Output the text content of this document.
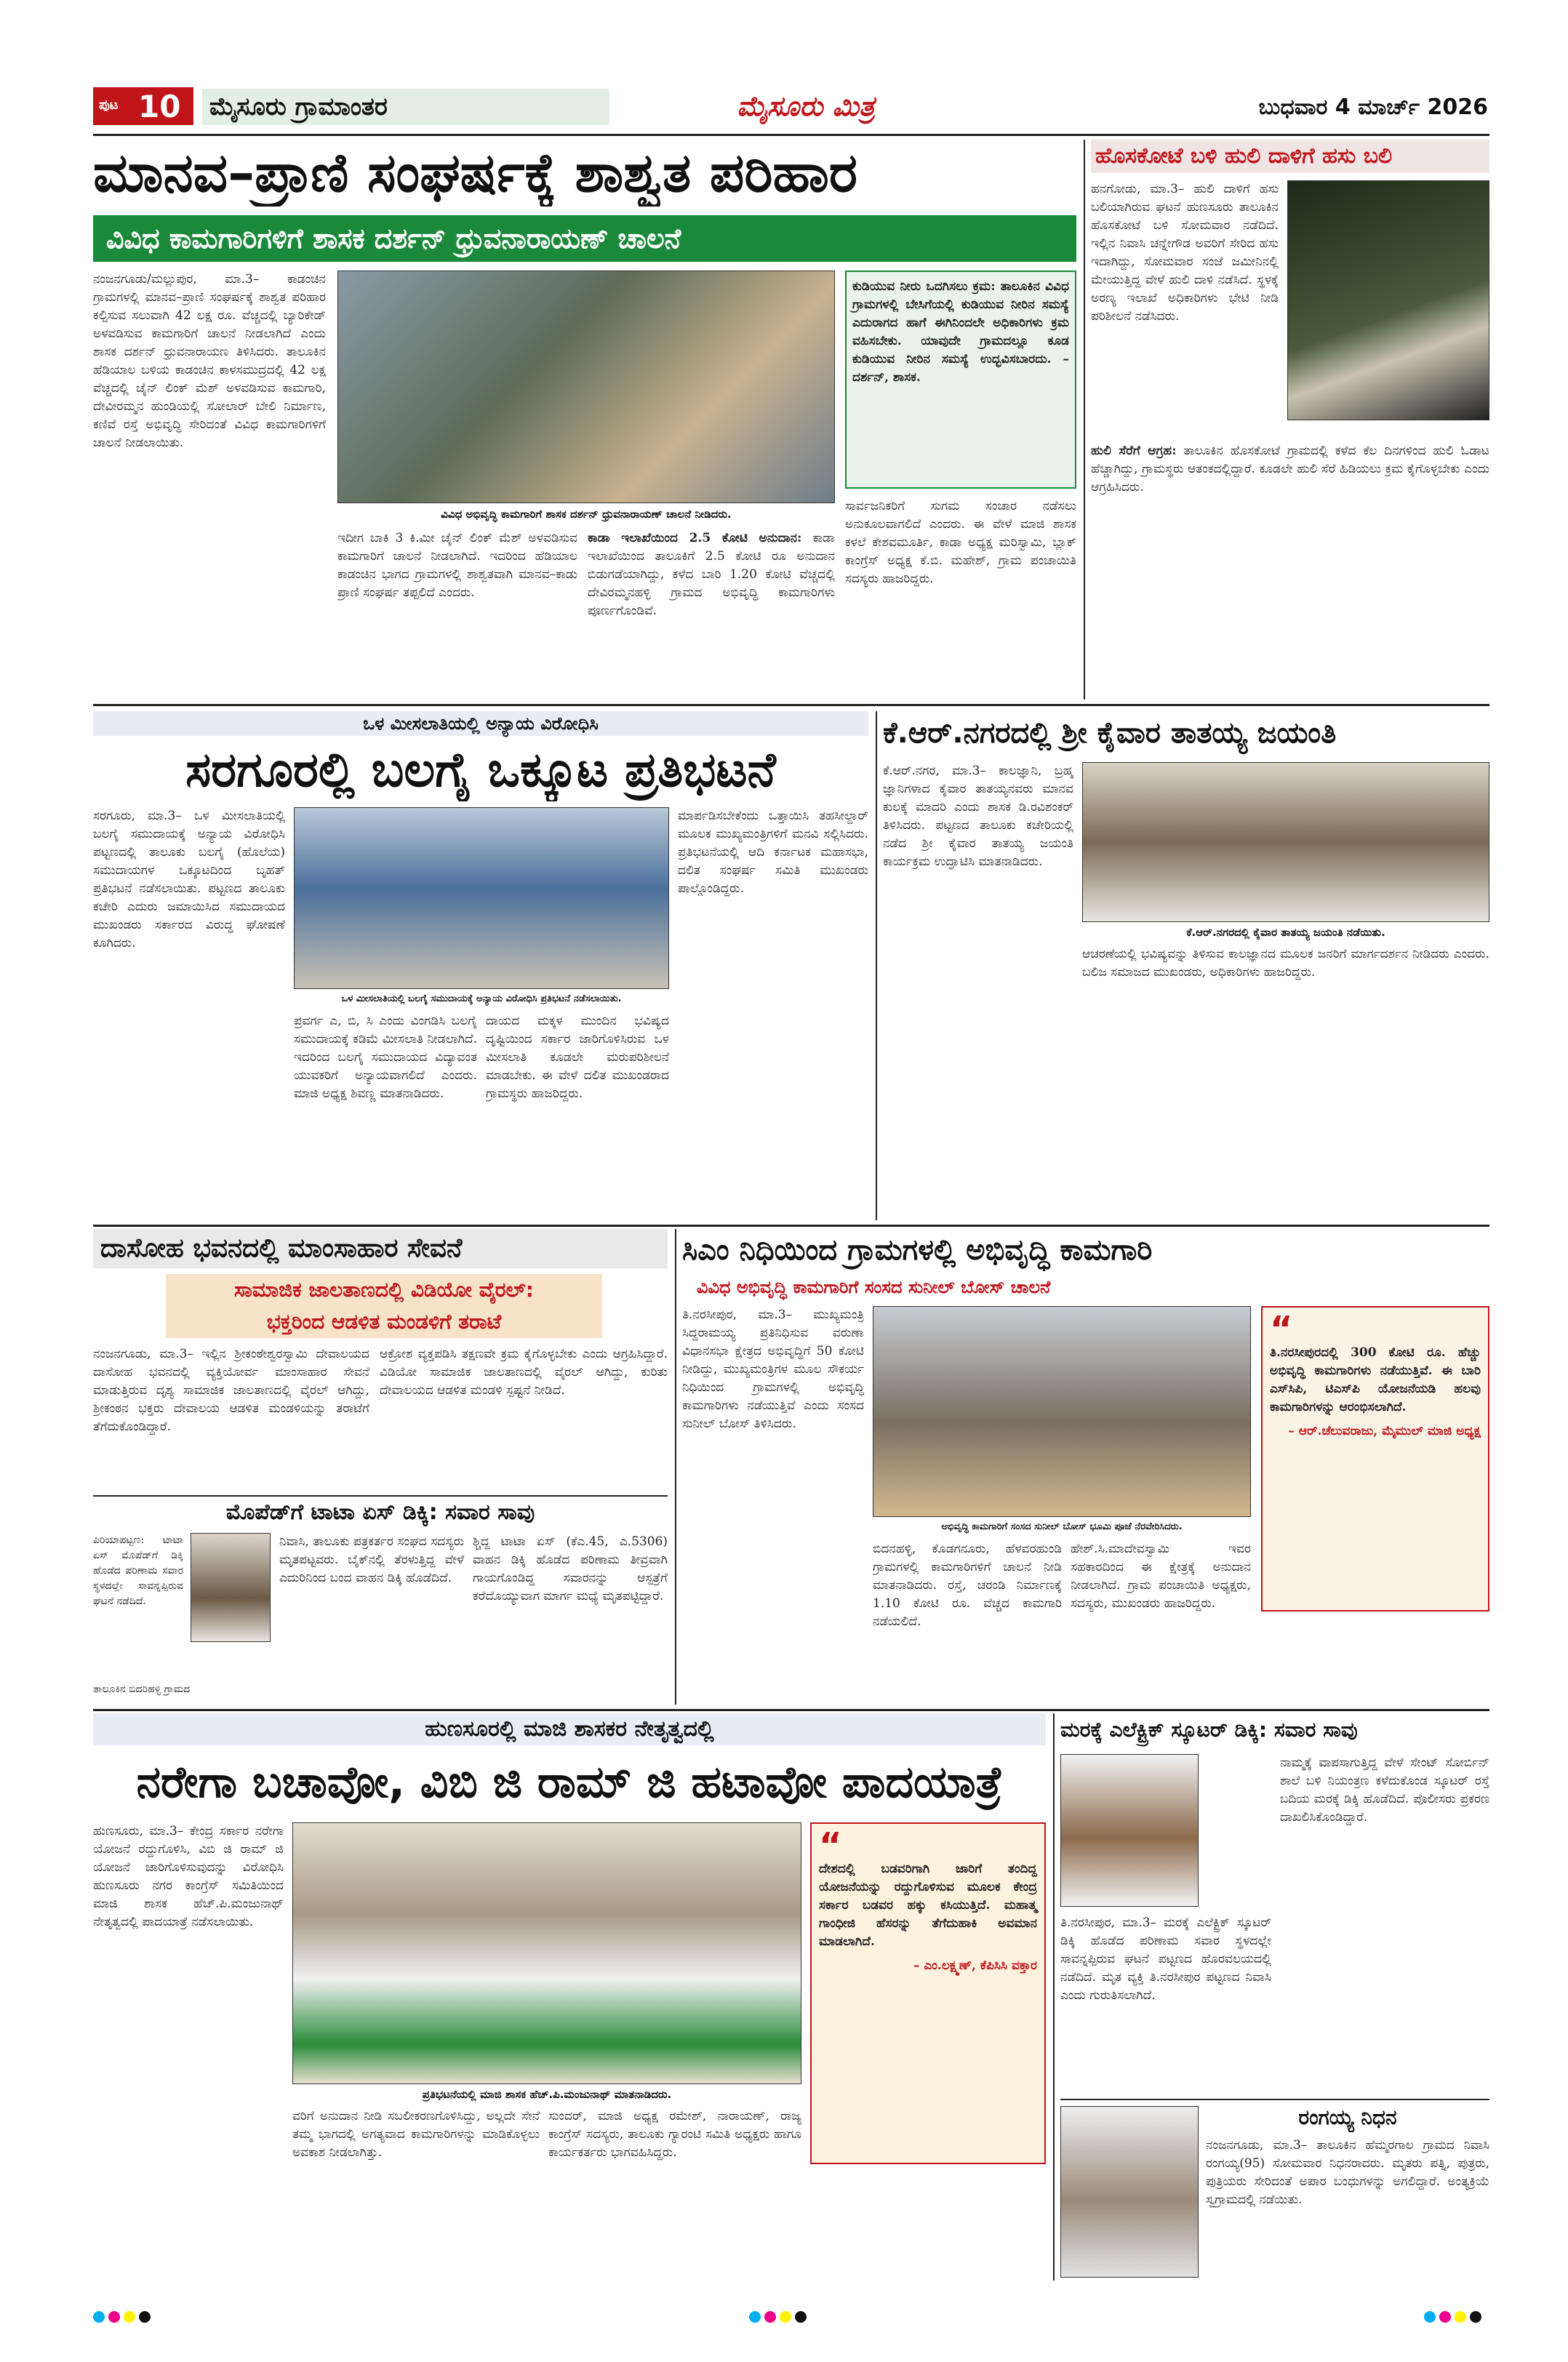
ಪುಟ 10 ಮೈಸೂರು ಗ್ರಾಮಾಂತರ	ಮೈಸೂರು ಮಿತ್ರ	ಬುಧವಾರ 4 ಮಾರ್ಚ್ 2026
ಮಾನವ–ಪ್ರಾಣಿ ಸಂಘರ್ಷಕ್ಕೆ ಶಾಶ್ವತ ಪರಿಹಾರ
ವಿವಿಧ ಕಾಮಗಾರಿಗಳಿಗೆ ಶಾಸಕ ದರ್ಶನ್ ಧ್ರುವನಾರಾಯಣ್ ಚಾಲನೆ

ನಂಜನಗೂಡು/ಮಲ್ಲುಪುರ, ಮಾ.3– ಕಾಡಂಚಿನ ಗ್ರಾಮಗಳಲ್ಲಿ ಮಾನವ–ಪ್ರಾಣಿ ಸಂಘರ್ಷಕ್ಕೆ ಶಾಶ್ವತ ಪರಿಹಾರ ಕಲ್ಪಿಸುವ ಸಲುವಾಗಿ 42 ಲಕ್ಷ ರೂ. ವೆಚ್ಚದಲ್ಲಿ ಬ್ಯಾರಿಕೇಡ್ ಅಳವಡಿಸುವ ಕಾಮಗಾರಿಗೆ ಚಾಲನೆ ನೀಡಲಾಗಿದೆ ಎಂದು ಶಾಸಕ ದರ್ಶನ್ ಧ್ರುವನಾರಾಯಣ ತಿಳಿಸಿದರು. ತಾಲೂಕಿನ ಹೆಡಿಯಾಲ ಬಳಿಯ ಕಾಡಂಚಿನ ಕಾಳಸಮುದ್ರದಲ್ಲಿ 42 ಲಕ್ಷ ವೆಚ್ಚದಲ್ಲಿ ಚೈನ್ ಲಿಂಕ್ ಮೆಶ್ ಅಳವಡಿಸುವ ಕಾಮಗಾರಿ, ದೇವೀರಮ್ಮನ ಹುಂಡಿಯಲ್ಲಿ ಸೋಲಾರ್ ಬೇಲಿ ನಿರ್ಮಾಣ, ಕಣಿವೆ ರಸ್ತೆ ಅಭಿವೃದ್ಧಿ ಸೇರಿದಂತೆ ವಿವಿಧ ಕಾಮಗಾರಿಗಳಿಗೆ ಚಾಲನೆ ನೀಡಲಾಯಿತು.

ವಿವಿಧ ಅಭಿವೃದ್ಧಿ ಕಾಮಗಾರಿಗೆ ಶಾಸಕ ದರ್ಶನ್ ಧ್ರುವನಾರಾಯಣ್ ಚಾಲನೆ ನೀಡಿದರು.

ಇದೀಗ ಬಾಕಿ 3 ಕಿ.ಮೀ ಚೈನ್ ಲಿಂಕ್ ಮೆಶ್ ಅಳವಡಿಸುವ ಕಾಮಗಾರಿಗೆ ಚಾಲನೆ ನೀಡಲಾಗಿದೆ. ಇದರಿಂದ ಹೆಡಿಯಾಲ ಕಾಡಂಚಿನ ಭಾಗದ ಗ್ರಾಮಗಳಲ್ಲಿ ಶಾಶ್ವತವಾಗಿ ಮಾನವ–ಕಾಡು ಪ್ರಾಣಿ ಸಂಘರ್ಷ ತಪ್ಪಲಿದೆ ಎಂದರು.

ಕಾಡಾ ಇಲಾಖೆಯಿಂದ 2.5 ಕೋಟಿ ಅನುದಾನ: ಕಾಡಾ ಇಲಾಖೆಯಿಂದ ತಾಲೂಕಿಗೆ 2.5 ಕೋಟಿ ರೂ ಅನುದಾನ ಬಿಡುಗಡೆಯಾಗಿದ್ದು, ಕಳೆದ ಬಾರಿ 1.20 ಕೋಟಿ ವೆಚ್ಚದಲ್ಲಿ ದೇವಿರಮ್ಮನಹಳ್ಳಿ ಗ್ರಾಮದ ಅಭಿವೃದ್ಧಿ ಕಾಮಗಾರಿಗಳು ಪೂರ್ಣಗೊಂಡಿವೆ.

ಕುಡಿಯುವ ನೀರು ಒದಗಿಸಲು ಕ್ರಮ: ತಾಲೂಕಿನ ವಿವಿಧ ಗ್ರಾಮಗಳಲ್ಲಿ ಬೇಸಿಗೆಯಲ್ಲಿ ಕುಡಿಯುವ ನೀರಿನ ಸಮಸ್ಯೆ ಎದುರಾಗದ ಹಾಗೆ ಈಗಿನಿಂದಲೇ ಅಧಿಕಾರಿಗಳು ಕ್ರಮ ವಹಿಸಬೇಕು. ಯಾವುದೇ ಗ್ರಾಮದಲ್ಲೂ ಕೂಡ ಕುಡಿಯುವ ನೀರಿನ ಸಮಸ್ಯೆ ಉದ್ಭವಿಸಬಾರದು. –ದರ್ಶನ್, ಶಾಸಕ.

ಸಾರ್ವಜನಿಕರಿಗೆ ಸುಗಮ ಸಂಚಾರ ನಡೆಸಲು ಅನುಕೂಲವಾಗಲಿದೆ ಎಂದರು. ಈ ವೇಳೆ ಮಾಜಿ ಶಾಸಕ ಕಳಲೆ ಕೇಶವಮೂರ್ತಿ, ಕಾಡಾ ಅಧ್ಯಕ್ಷ ಮರಿಸ್ವಾಮಿ, ಬ್ಲಾಕ್ ಕಾಂಗ್ರೆಸ್ ಅಧ್ಯಕ್ಷ ಕೆ.ಬಿ. ಮಹೇಶ್, ಗ್ರಾಮ ಪಂಚಾಯಿತಿ ಸದಸ್ಯರು ಹಾಜರಿದ್ದರು.

ಹೊಸಕೋಟೆ ಬಳಿ ಹುಲಿ ದಾಳಿಗೆ ಹಸು ಬಲಿ

ಹನಗೋಡು, ಮಾ.3– ಹುಲಿ ದಾಳಿಗೆ ಹಸು ಬಲಿಯಾಗಿರುವ ಘಟನೆ ಹುಣಸೂರು ತಾಲೂಕಿನ ಹೊಸಕೋಟೆ ಬಳಿ ಸೋಮವಾರ ನಡೆದಿದೆ. ಇಲ್ಲಿನ ನಿವಾಸಿ ಚನ್ನೇಗೌಡ ಅವರಿಗೆ ಸೇರಿದ ಹಸು ಇದಾಗಿದ್ದು, ಸೋಮವಾರ ಸಂಜೆ ಜಮೀನಿನಲ್ಲಿ ಮೇಯುತ್ತಿದ್ದ ವೇಳೆ ಹುಲಿ ದಾಳಿ ನಡೆಸಿದೆ. ಸ್ಥಳಕ್ಕೆ ಅರಣ್ಯ ಇಲಾಖೆ ಅಧಿಕಾರಿಗಳು ಭೇಟಿ ನೀಡಿ ಪರಿಶೀಲನೆ ನಡೆಸಿದರು.

ಹುಲಿ ಸೆರೆಗೆ ಆಗ್ರಹ: ತಾಲೂಕಿನ ಹೊಸಕೋಟೆ ಗ್ರಾಮದಲ್ಲಿ ಕಳೆದ ಕೆಲ ದಿನಗಳಿಂದ ಹುಲಿ ಓಡಾಟ ಹೆಚ್ಚಾಗಿದ್ದು, ಗ್ರಾಮಸ್ಥರು ಆತಂಕದಲ್ಲಿದ್ದಾರೆ. ಕೂಡಲೇ ಹುಲಿ ಸೆರೆ ಹಿಡಿಯಲು ಕ್ರಮ ಕೈಗೊಳ್ಳಬೇಕು ಎಂದು ಆಗ್ರಹಿಸಿದರು.

ಒಳ ಮೀಸಲಾತಿಯಲ್ಲಿ ಅನ್ಯಾಯ ವಿರೋಧಿಸಿ
ಸರಗೂರಲ್ಲಿ ಬಲಗೈ ಒಕ್ಕೂಟ ಪ್ರತಿಭಟನೆ

ಸರಗೂರು, ಮಾ.3– ಒಳ ಮೀಸಲಾತಿಯಲ್ಲಿ ಬಲಗೈ ಸಮುದಾಯಕ್ಕೆ ಅನ್ಯಾಯ ವಿರೋಧಿಸಿ ಪಟ್ಟಣದಲ್ಲಿ ತಾಲೂಕು ಬಲಗೈ (ಹೊಲೆಯ) ಸಮುದಾಯಗಳ ಒಕ್ಕೂಟದಿಂದ ಬೃಹತ್ ಪ್ರತಿಭಟನೆ ನಡೆಸಲಾಯಿತು. ಪಟ್ಟಣದ ತಾಲೂಕು ಕಚೇರಿ ಎದುರು ಜಮಾಯಿಸಿದ ಸಮುದಾಯದ ಮುಖಂಡರು ಸರ್ಕಾರದ ವಿರುದ್ಧ ಘೋಷಣೆ ಕೂಗಿದರು.

ಒಳ ಮೀಸಲಾತಿಯಲ್ಲಿ ಬಲಗೈ ಸಮುದಾಯಕ್ಕೆ ಅನ್ಯಾಯ ವಿರೋಧಿಸಿ ಪ್ರತಿಭಟನೆ ನಡೆಸಲಾಯಿತು.

ಪ್ರವರ್ಗ ಎ, ಬಿ, ಸಿ ಎಂದು ವಿಂಗಡಿಸಿ ಬಲಗೈ ಸಮುದಾಯಕ್ಕೆ ಕಡಿಮೆ ಮೀಸಲಾತಿ ನೀಡಲಾಗಿದೆ. ಇದರಿಂದ ಬಲಗೈ ಸಮುದಾಯದ ವಿದ್ಯಾವಂತ ಯುವಕರಿಗೆ ಅನ್ಯಾಯವಾಗಲಿದೆ ಎಂದರು. ಮಾಜಿ ಅಧ್ಯಕ್ಷ ಶಿವಣ್ಣ ಮಾತನಾಡಿದರು.

ದಾಯದ ಮಕ್ಕಳ ಮುಂದಿನ ಭವಿಷ್ಯದ ದೃಷ್ಟಿಯಿಂದ ಸರ್ಕಾರ ಜಾರಿಗೊಳಿಸಿರುವ ಒಳ ಮೀಸಲಾತಿ ಕೂಡಲೇ ಮರುಪರಿಶೀಲನೆ ಮಾಡಬೇಕು. ಈ ವೇಳೆ ದಲಿತ ಮುಖಂಡರಾದ ಗ್ರಾಮಸ್ಥರು ಹಾಜರಿದ್ದರು.

ಮಾರ್ಪಡಿಸಬೇಕೆಂದು ಒತ್ತಾಯಿಸಿ ತಹಸೀಲ್ದಾರ್ ಮೂಲಕ ಮುಖ್ಯಮಂತ್ರಿಗಳಿಗೆ ಮನವಿ ಸಲ್ಲಿಸಿದರು. ಪ್ರತಿಭಟನೆಯಲ್ಲಿ ಆದಿ ಕರ್ನಾಟಕ ಮಹಾಸಭಾ, ದಲಿತ ಸಂಘರ್ಷ ಸಮಿತಿ ಮುಖಂಡರು ಪಾಲ್ಗೊಂಡಿದ್ದರು.

ಕೆ.ಆರ್.ನಗರದಲ್ಲಿ ಶ್ರೀ ಕೈವಾರ ತಾತಯ್ಯ ಜಯಂತಿ

ಕೆ.ಆರ್.ನಗರ, ಮಾ.3– ಕಾಲಜ್ಞಾನಿ, ಬ್ರಹ್ಮ ಜ್ಞಾನಿಗಳಾದ ಕೈವಾರ ತಾತಯ್ಯನವರು ಮಾನವ ಕುಲಕ್ಕೆ ಮಾದರಿ ಎಂದು ಶಾಸಕ ಡಿ.ರವಿಶಂಕರ್ ತಿಳಿಸಿದರು. ಪಟ್ಟಣದ ತಾಲೂಕು ಕಚೇರಿಯಲ್ಲಿ ನಡೆದ ಶ್ರೀ ಕೈವಾರ ತಾತಯ್ಯ ಜಯಂತಿ ಕಾರ್ಯಕ್ರಮ ಉದ್ಘಾಟಿಸಿ ಮಾತನಾಡಿದರು.

ಕೆ.ಆರ್.ನಗರದಲ್ಲಿ ಕೈವಾರ ತಾತಯ್ಯ ಜಯಂತಿ ನಡೆಯಿತು.

ಆಚರಣೆಯಲ್ಲಿ ಭವಿಷ್ಯವನ್ನು ತಿಳಿಸುವ ಕಾಲಜ್ಞಾನದ ಮೂಲಕ ಜನರಿಗೆ ಮಾರ್ಗದರ್ಶನ ನೀಡಿದರು ಎಂದರು. ಬಲಿಜ ಸಮಾಜದ ಮುಖಂಡರು, ಅಧಿಕಾರಿಗಳು ಹಾಜರಿದ್ದರು.

ದಾಸೋಹ ಭವನದಲ್ಲಿ ಮಾಂಸಾಹಾರ ಸೇವನೆ
ಸಾಮಾಜಿಕ ಜಾಲತಾಣದಲ್ಲಿ ವಿಡಿಯೋ ವೈರಲ್:
ಭಕ್ತರಿಂದ ಆಡಳಿತ ಮಂಡಳಿಗೆ ತರಾಟೆ

ನಂಜನಗೂಡು, ಮಾ.3– ಇಲ್ಲಿನ ಶ್ರೀಕಂಠೇಶ್ವರಸ್ವಾಮಿ ದೇವಾಲಯದ ದಾಸೋಹ ಭವನದಲ್ಲಿ ವ್ಯಕ್ತಿಯೋರ್ವ ಮಾಂಸಾಹಾರ ಸೇವನೆ ಮಾಡುತ್ತಿರುವ ದೃಶ್ಯ ಸಾಮಾಜಿಕ ಜಾಲತಾಣದಲ್ಲಿ ವೈರಲ್ ಆಗಿದ್ದು, ಶ್ರೀಕಂಠನ ಭಕ್ತರು ದೇವಾಲಯ ಆಡಳಿತ ಮಂಡಳಿಯನ್ನು ತರಾಟೆಗೆ ತೆಗೆದುಕೊಂಡಿದ್ದಾರೆ.

ಆಕ್ರೋಶ ವ್ಯಕ್ತಪಡಿಸಿ ತಕ್ಷಣವೇ ಕ್ರಮ ಕೈಗೊಳ್ಳಬೇಕು ಎಂದು ಆಗ್ರಹಿಸಿದ್ದಾರೆ. ವಿಡಿಯೋ ಸಾಮಾಜಿಕ ಜಾಲತಾಣದಲ್ಲಿ ವೈರಲ್ ಆಗಿದ್ದು, ಕುರಿತು ದೇವಾಲಯದ ಆಡಳಿತ ಮಂಡಳಿ ಸ್ಪಷ್ಟನೆ ನೀಡಿದೆ.

ಮೊಪೆಡ್‌ಗೆ ಟಾಟಾ ಏಸ್ ಡಿಕ್ಕಿ: ಸವಾರ ಸಾವು

ಪಿರಿಯಾಪಟ್ಟಣ: ಟಾಟಾ ಏಸ್ ಮೊಪೆಡ್‌ಗೆ ಡಿಕ್ಕಿ ಹೊಡೆದ ಪರಿಣಾಮ ಸವಾರ ಸ್ಥಳದಲ್ಲೇ ಸಾವನ್ನಪ್ಪಿರುವ ಘಟನೆ ನಡೆದಿದೆ.

ತಾಲೂಕಿನ ಬಿದರಿಹಳ್ಳಿ ಗ್ರಾಮದ

ನಿವಾಸಿ, ತಾಲೂಕು ಪತ್ರಕರ್ತರ ಸಂಘದ ಸದಸ್ಯರು ಮೃತಪಟ್ಟವರು. ಬೈಕ್‌ನಲ್ಲಿ ತೆರಳುತ್ತಿದ್ದ ವೇಳೆ ಎದುರಿನಿಂದ ಬಂದ ವಾಹನ ಡಿಕ್ಕಿ ಹೊಡೆದಿದೆ.

ಶ್ಚಿದ್ದ ಟಾಟಾ ಏಸ್ (ಕೆಎ.45, ಎ.5306) ವಾಹನ ಡಿಕ್ಕಿ ಹೊಡೆದ ಪರಿಣಾಮ ತೀವ್ರವಾಗಿ ಗಾಯಗೊಂಡಿದ್ದ ಸವಾರನನ್ನು ಆಸ್ಪತ್ರೆಗೆ ಕರೆದೊಯ್ಯುವಾಗ ಮಾರ್ಗ ಮಧ್ಯೆ ಮೃತಪಟ್ಟಿದ್ದಾರೆ.

ಸಿಎಂ ನಿಧಿಯಿಂದ ಗ್ರಾಮಗಳಲ್ಲಿ ಅಭಿವೃದ್ಧಿ ಕಾಮಗಾರಿ
ವಿವಿಧ ಅಭಿವೃದ್ಧಿ ಕಾಮಗಾರಿಗೆ ಸಂಸದ ಸುನೀಲ್ ಬೋಸ್ ಚಾಲನೆ

ತಿ.ನರಸೀಪುರ, ಮಾ.3– ಮುಖ್ಯಮಂತ್ರಿ ಸಿದ್ದರಾಮಯ್ಯ ಪ್ರತಿನಿಧಿಸುವ ವರುಣಾ ವಿಧಾನಸಭಾ ಕ್ಷೇತ್ರದ ಅಭಿವೃದ್ಧಿಗೆ 50 ಕೋಟಿ ನೀಡಿದ್ದು, ಮುಖ್ಯಮಂತ್ರಿಗಳ ಮೂಲ ಸೌಕರ್ಯ ನಿಧಿಯಿಂದ ಗ್ರಾಮಗಳಲ್ಲಿ ಅಭಿವೃದ್ಧಿ ಕಾಮಗಾರಿಗಳು ನಡೆಯುತ್ತಿವೆ ಎಂದು ಸಂಸದ ಸುನೀಲ್ ಬೋಸ್ ತಿಳಿಸಿದರು.

ಅಭಿವೃದ್ಧಿ ಕಾಮಗಾರಿಗೆ ಸಂಸದ ಸುನೀಲ್ ಬೋಸ್ ಭೂಮಿ ಪೂಜೆ ನೆರವೇರಿಸಿದರು.

ಬಿದನಹಳ್ಳಿ, ಕೊಡಗನೂರು, ಹೆಳವರಹುಂಡಿ ಗ್ರಾಮಗಳಲ್ಲಿ ಕಾಮಗಾರಿಗಳಿಗೆ ಚಾಲನೆ ನೀಡಿ ಮಾತನಾಡಿದರು. ರಸ್ತೆ, ಚರಂಡಿ ನಿರ್ಮಾಣಕ್ಕೆ 1.10 ಕೋಟಿ ರೂ. ವೆಚ್ಚದ ಕಾಮಗಾರಿ ನಡೆಯಲಿದೆ.

ಹೇಶ್.ಸಿ.ಮಾದೇವಸ್ವಾಮಿ ಇವರ ಸಹಕಾರದಿಂದ ಈ ಕ್ಷೇತ್ರಕ್ಕೆ ಅನುದಾನ ನೀಡಲಾಗಿದೆ. ಗ್ರಾಮ ಪಂಚಾಯಿತಿ ಅಧ್ಯಕ್ಷರು, ಸದಸ್ಯರು, ಮುಖಂಡರು ಹಾಜರಿದ್ದರು.

“

ತಿ.ನರಸೀಪುರದಲ್ಲಿ 300 ಕೋಟಿ ರೂ. ಹೆಚ್ಚು ಅಭಿವೃದ್ಧಿ ಕಾಮಗಾರಿಗಳು ನಡೆಯುತ್ತಿವೆ. ಈ ಬಾರಿ ಎಸ್‌ಸಿಪಿ, ಟಿಎಸ್‌ಪಿ ಯೋಜನೆಯಡಿ ಹಲವು ಕಾಮಗಾರಿಗಳನ್ನು ಆರಂಭಿಸಲಾಗಿದೆ.

– ಆರ್.ಚೆಲುವರಾಜು, ಮೈಮುಲ್ ಮಾಜಿ ಅಧ್ಯಕ್ಷ

ಹುಣಸೂರಲ್ಲಿ ಮಾಜಿ ಶಾಸಕರ ನೇತೃತ್ವದಲ್ಲಿ
ನರೇಗಾ ಬಚಾವೋ, ವಿಬಿ ಜಿ ರಾಮ್ ಜಿ ಹಟಾವೋ ಪಾದಯಾತ್ರೆ

ಹುಣಸೂರು, ಮಾ.3– ಕೇಂದ್ರ ಸರ್ಕಾರ ನರೇಗಾ ಯೋಜನೆ ರದ್ದುಗೊಳಿಸಿ, ವಿಬಿ ಜಿ ರಾಮ್ ಜಿ ಯೋಜನೆ ಜಾರಿಗೊಳಿಸುವುದನ್ನು ವಿರೋಧಿಸಿ ಹುಣಸೂರು ನಗರ ಕಾಂಗ್ರೆಸ್ ಸಮಿತಿಯಿಂದ ಮಾಜಿ ಶಾಸಕ ಹೆಚ್.ಪಿ.ಮಂಜುನಾಥ್ ನೇತೃತ್ವದಲ್ಲಿ ಪಾದಯಾತ್ರೆ ನಡೆಸಲಾಯಿತು.

ಪ್ರತಿಭಟನೆಯಲ್ಲಿ ಮಾಜಿ ಶಾಸಕ ಹೆಚ್.ಪಿ.ಮಂಜುನಾಥ್ ಮಾತನಾಡಿದರು.

ವರಿಗೆ ಅನುದಾನ ನೀಡಿ ಸಬಲೀಕರಣಗೊಳಿಸಿದ್ದು, ಅಲ್ಲದೇ ಸೇನೆ ತಮ್ಮ ಭಾಗದಲ್ಲಿ ಅಗತ್ಯವಾದ ಕಾಮಗಾರಿಗಳನ್ನು ಮಾಡಿಕೊಳ್ಳಲು ಅವಕಾಶ ನೀಡಲಾಗಿತ್ತು.

ಸುಂದರ್, ಮಾಜಿ ಅಧ್ಯಕ್ಷ ರಮೇಶ್, ನಾರಾಯಣ್, ರಾಜ್ಯ ಕಾಂಗ್ರೆಸ್ ಸದಸ್ಯರು, ತಾಲೂಕು ಗ್ಯಾರಂಟಿ ಸಮಿತಿ ಅಧ್ಯಕ್ಷರು ಹಾಗೂ ಕಾರ್ಯಕರ್ತರು ಭಾಗವಹಿಸಿದ್ದರು.

“

ದೇಶದಲ್ಲಿ ಬಡವರಿಗಾಗಿ ಜಾರಿಗೆ ತಂದಿದ್ದ ಯೋಜನೆಯನ್ನು ರದ್ದುಗೊಳಿಸುವ ಮೂಲಕ ಕೇಂದ್ರ ಸರ್ಕಾರ ಬಡವರ ಹಕ್ಕು ಕಸಿಯುತ್ತಿದೆ. ಮಹಾತ್ಮ ಗಾಂಧೀಜಿ ಹೆಸರನ್ನು ತೆಗೆದುಹಾಕಿ ಅವಮಾನ ಮಾಡಲಾಗಿದೆ.

– ಎಂ.ಲಕ್ಷ್ಮಣ್, ಕೆಪಿಸಿಸಿ ವಕ್ತಾರ

ಮರಕ್ಕೆ ಎಲೆಕ್ಟ್ರಿಕ್ ಸ್ಕೂಟರ್ ಡಿಕ್ಕಿ: ಸವಾರ ಸಾವು

ತಿ.ನರಸೀಪುರ, ಮಾ.3– ಮರಕ್ಕೆ ಎಲೆಕ್ಟ್ರಿಕ್ ಸ್ಕೂಟರ್ ಡಿಕ್ಕಿ ಹೊಡೆದ ಪರಿಣಾಮ ಸವಾರ ಸ್ಥಳದಲ್ಲೇ ಸಾವನ್ನಪ್ಪಿರುವ ಘಟನೆ ಪಟ್ಟಣದ ಹೊರವಲಯದಲ್ಲಿ ನಡೆದಿದೆ. ಮೃತ ವ್ಯಕ್ತಿ ತಿ.ನರಸೀಪುರ ಪಟ್ಟಣದ ನಿವಾಸಿ ಎಂದು ಗುರುತಿಸಲಾಗಿದೆ.

ನಾಮ್ಮಕ್ಕೆ ವಾಪಸಾಗುತ್ತಿದ್ದ ವೇಳೆ ಸೇಂಟ್ ಸೋರ್ಬಿನ್ ಶಾಲೆ ಬಳಿ ನಿಯಂತ್ರಣ ಕಳೆದುಕೊಂಡ ಸ್ಕೂಟರ್ ರಸ್ತೆ ಬದಿಯ ಮರಕ್ಕೆ ಡಿಕ್ಕಿ ಹೊಡೆದಿದೆ. ಪೊಲೀಸರು ಪ್ರಕರಣ ದಾಖಲಿಸಿಕೊಂಡಿದ್ದಾರೆ.

ರಂಗಯ್ಯ ನಿಧನ

ನಂಜನಗೂಡು, ಮಾ.3– ತಾಲೂಕಿನ ಹೆಮ್ಮರಗಾಲ ಗ್ರಾಮದ ನಿವಾಸಿ ರಂಗಯ್ಯ(95) ಸೋಮವಾರ ನಿಧನರಾದರು. ಮೃತರು ಪತ್ನಿ, ಪುತ್ರರು, ಪುತ್ರಿಯರು ಸೇರಿದಂತೆ ಅಪಾರ ಬಂಧುಗಳನ್ನು ಅಗಲಿದ್ದಾರೆ. ಅಂತ್ಯಕ್ರಿಯೆ ಸ್ವಗ್ರಾಮದಲ್ಲಿ ನಡೆಯಿತು.
